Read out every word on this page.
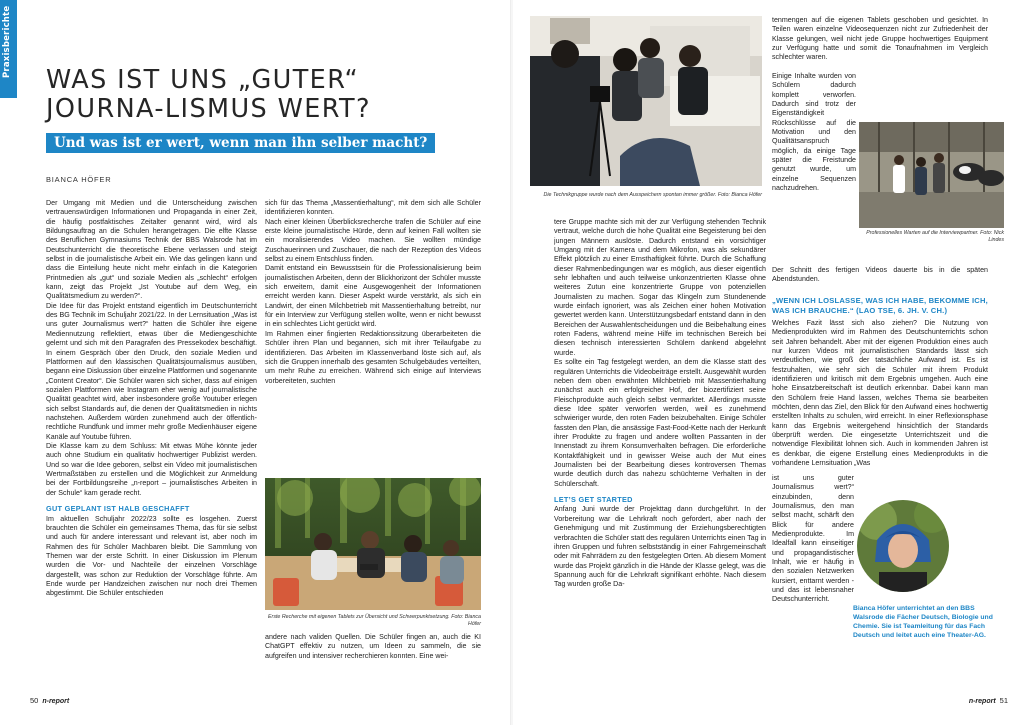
Praxisberichte
WAS IST UNS „GUTER“ JOURNA-LISMUS WERT?
Und was ist er wert, wenn man ihn selber macht?
BIANCA HÖFER

Der Umgang mit Medien und die Unterscheidung zwischen vertrauenswürdigen Informationen und Propaganda in einer Zeit, die häufig postfaktisches Zeitalter genannt wird, wird als Bildungsauftrag an die Schulen herangetragen. Die elfte Klasse des Beruflichen Gymnasiums Technik der BBS Walsrode hat im Deutschunterricht die theoretische Ebene verlassen und steigt selbst in die journalistische Arbeit ein. Wie das gelingen kann und dass die Einteilung heute nicht mehr einfach in die Kategorien Printmedien als „gut“ und soziale Medien als „schlecht“ erfolgen kann, zeigt das Projekt „Ist Youtube auf dem Weg, ein Qualitätsmedium zu werden?“.

Die Idee für das Projekt entstand eigentlich im Deutschunterricht des BG Technik im Schuljahr 2021/22. In der Lernsituation „Was ist uns guter Journalismus wert?“ hatten die Schüler ihre eigene Mediennutzung reflektiert, etwas über die Mediengeschichte gelernt und sich mit den Paragrafen des Pressekodex beschäftigt. In einem Gespräch über den Druck, den soziale Medien und Plattformen auf den klassischen Qualitätsjournalismus ausüben, begann eine Diskussion über einzelne Plattformen und sogenannte „Content Creator“. Die Schüler waren sich sicher, dass auf einigen sozialen Plattformen wie Instagram eher wenig auf journalistische Qualität geachtet wird, aber insbesondere große Youtuber erlegen sich selbst Standards auf, die denen der Qualitätsmedien in nichts nachstehen. Außerdem würden zunehmend auch der öffentlich-rechtliche Rundfunk und immer mehr große Medienhäuser eigene Kanäle auf Youtube führen.

Die Klasse kam zu dem Schluss: Mit etwas Mühe könnte jeder auch ohne Studium ein qualitativ hochwertiger Publizist werden. Und so war die Idee geboren, selbst ein Video mit journalistischen Wertmaßstäben zu erstellen und die Möglichkeit zur Anmeldung bei der Fortbildungsreihe „n-report – journalistisches Arbeiten in der Schule“ kam gerade recht.

GUT GEPLANT IST HALB GESCHAFFT

Im aktuellen Schuljahr 2022/23 sollte es losgehen. Zuerst brauchten die Schüler ein gemeinsames Thema, das für sie selbst und auch für andere interessant und relevant ist, aber noch im Rahmen des für Schüler Machbaren bleibt. Die Sammlung von Themen war der erste Schritt. In einer Diskussion im Plenum wurden die Vor- und Nachteile der einzelnen Vorschläge dargestellt, was schon zur Reduktion der Vorschläge führte. Am Ende wurde per Handzeichen zwischen nur noch drei Themen abgestimmt. Die Schüler entschieden

sich für das Thema „Massentierhaltung“, mit dem sich alle Schüler identifizieren konnten.

Nach einer kleinen Überblicksrecherche trafen die Schüler auf eine erste kleine journalistische Hürde, denn auf keinen Fall wollten sie ein moralisierendes Video machen. Sie wollten mündige Zuschauerinnen und Zuschauer, die nach der Rezeption des Videos selbst zu einem Entschluss finden.

Damit entstand ein Bewusstsein für die Professionalisierung beim journalistischen Arbeiten, denn der Blickhorizont der Schüler musste sich erweitern, damit eine Ausgewogenheit der Informationen erreicht werden kann. Dieser Aspekt wurde verstärkt, als sich ein Landwirt, der einen Milchbetrieb mit Massentierhaltung betreibt, nur für ein Interview zur Verfügung stellen wollte, wenn er nicht bewusst in ein schlechtes Licht gerückt wird.

Im Rahmen einer fingierten Redaktionssitzung überarbeiteten die Schüler ihren Plan und begannen, sich mit ihrer Teilaufgabe zu identifizieren. Das Arbeiten im Klassenverband löste sich auf, als sich die Gruppen innerhalb des gesamten Schulgebäudes verteilten, um mehr Ruhe zu erreichen. Während sich einige auf Interviews vorbereiteten, suchten

Erste Recherche mit eigenen Tablets zur Übersicht und Schwerpunktsetzung. Foto: Bianca Höfer

andere nach validen Quellen. Die Schüler fingen an, auch die KI ChatGPT effektiv zu nutzen, um Ideen zu sammeln, die sie aufgreifen und intensiver recherchieren konnten. Eine wei-

50 n-report
Die Technikgruppe wurde nach dem Ausspeichern spontan immer größer. Foto: Bianca Höfer

tere Gruppe machte sich mit der zur Verfügung stehenden Technik vertraut, welche durch die hohe Qualität eine Begeisterung bei den jungen Männern auslöste. Dadurch entstand ein vorsichtiger Umgang mit der Kamera und dem Mikrofon, was als sekundärer Effekt plötzlich zu einer Ernsthaftigkeit führte. Durch die Schaffung dieser Rahmenbedingungen war es möglich, aus dieser eigentlich sehr lebhaften und auch teilweise unkonzentrierten Klasse ohne weiteres Zutun eine konzentrierte Gruppe von potenziellen Journalisten zu machen. Sogar das Klingeln zum Stundenende wurde einfach ignoriert, was als Zeichen einer hohen Motivation gewertet werden kann. Unterstützungsbedarf entstand dann in den Bereichen der Auswahlentscheidungen und die Beibehaltung eines roten Fadens, während meine Hilfe im technischen Bereich bei diesen technisch interessierten Schülern dankend abgelehnt wurde.

Es sollte ein Tag festgelegt werden, an dem die Klasse statt des regulären Unterrichts die Videobeiträge erstellt. Ausgewählt wurden neben dem oben erwähnten Milchbetrieb mit Massentierhaltung zunächst auch ein erfolgreicher Hof, der biozertifiziert seine Fleischprodukte auch gleich selbst vermarktet. Allerdings musste diese Idee später verworfen werden, weil es zunehmend schwieriger wurde, den roten Faden beizubehalten. Einige Schüler fassten den Plan, die ansässige Fast-Food-Kette nach der Herkunft ihrer Produkte zu fragen und andere wollten Passanten in der Innenstadt zu ihrem Konsumverhalten befragen. Die erforderliche Kontaktfähigkeit und in gewisser Weise auch der Mut eines Journalisten bei der Bearbeitung dieses kontroversen Themas wurde deutlich durch das nahezu schüchterne Verhalten in der Schülerschaft.

LET’S GET STARTED

Anfang Juni wurde der Projekttag dann durchgeführt. In der Vorbereitung war die Lehrkraft noch gefordert, aber nach der Genehmigung und mit Zustimmung der Erziehungsberechtigten verbrachten die Schüler statt des regulären Unterrichts einen Tag in ihren Gruppen und fuhren selbstständig in einer Fahrgemeinschaft oder mit Fahrrädern zu den festgelegten Orten. Ab diesem Moment wurde das Projekt gänzlich in die Hände der Klasse gelegt, was die Spannung auch für die Lehrkraft signifikant erhöhte. Nach diesem Tag wurden große Da-

tenmengen auf die eigenen Tablets geschoben und gesichtet. In Teilen waren einzelne Videosequenzen nicht zur Zufriedenheit der Klasse gelungen, weil nicht jede Gruppe hochwertiges Equipment zur Verfügung hatte und somit die Tonaufnahmen im Vergleich schlechter waren.

Einige Inhalte wurden von Schülern dadurch komplett verworfen. Dadurch sind trotz der Eigenständigkeit Rückschlüsse auf die Motivation und den Qualitätsanspruch möglich, da einige Tage später die Freistunde genutzt wurde, um einzelne Sequenzen nachzudrehen.

Professionelles Warten auf die Interviewpartner. Foto: Nick Lindes

Der Schnitt des fertigen Videos dauerte bis in die späten Abendstunden.

„WENN ICH LOSLASSE, WAS ICH HABE, BEKOMME ICH, WAS ICH BRAUCHE.“ (LAO TSE, 6. JH. V. CH.)

Welches Fazit lässt sich also ziehen? Die Nutzung von Medienprodukten wird im Rahmen des Deutschunterrichts schon seit Jahren behandelt. Aber mit der eigenen Produktion eines auch nur kurzen Videos mit journalistischen Standards lässt sich verdeutlichen, wie groß der tatsächliche Aufwand ist. Es ist festzuhalten, wie sehr sich die Schüler mit ihrem Produkt identifizieren und kritisch mit dem Ergebnis umgehen. Auch eine hohe Einsatzbereitschaft ist deutlich erkennbar. Dabei kann man den Schülern freie Hand lassen, welches Thema sie bearbeiten möchten, denn das Ziel, den Blick für den Aufwand eines hochwertig erstellten Inhalts zu schulen, wird erreicht. In einer Reflexionsphase kann das Ergebnis weitergehend hinsichtlich der Standards überprüft werden. Die eingesetzte Unterrichtszeit und die notwendige Flexibilität lohnen sich. Auch in kommenden Jahren ist es denkbar, die eigene Erstellung eines Medienprodukts in die vorhandene Lernsituation „Was

ist uns guter Journalismus wert?“ einzubinden, denn Journalismus, den man selbst macht, schärft den Blick für andere Medienprodukte. Im Idealfall kann einseitiger und propagandistischer Inhalt, wie er häufig in den sozialen Netzwerken kursiert, enttarnt werden - und das ist lebensnaher Deutschunterricht.

Bianca Höfer unterrichtet an den BBS Walsrode die Fächer Deutsch, Biologie und Chemie. Sie ist Teamleitung für das Fach Deutsch und leitet auch eine Theater-AG.

n-report 51
